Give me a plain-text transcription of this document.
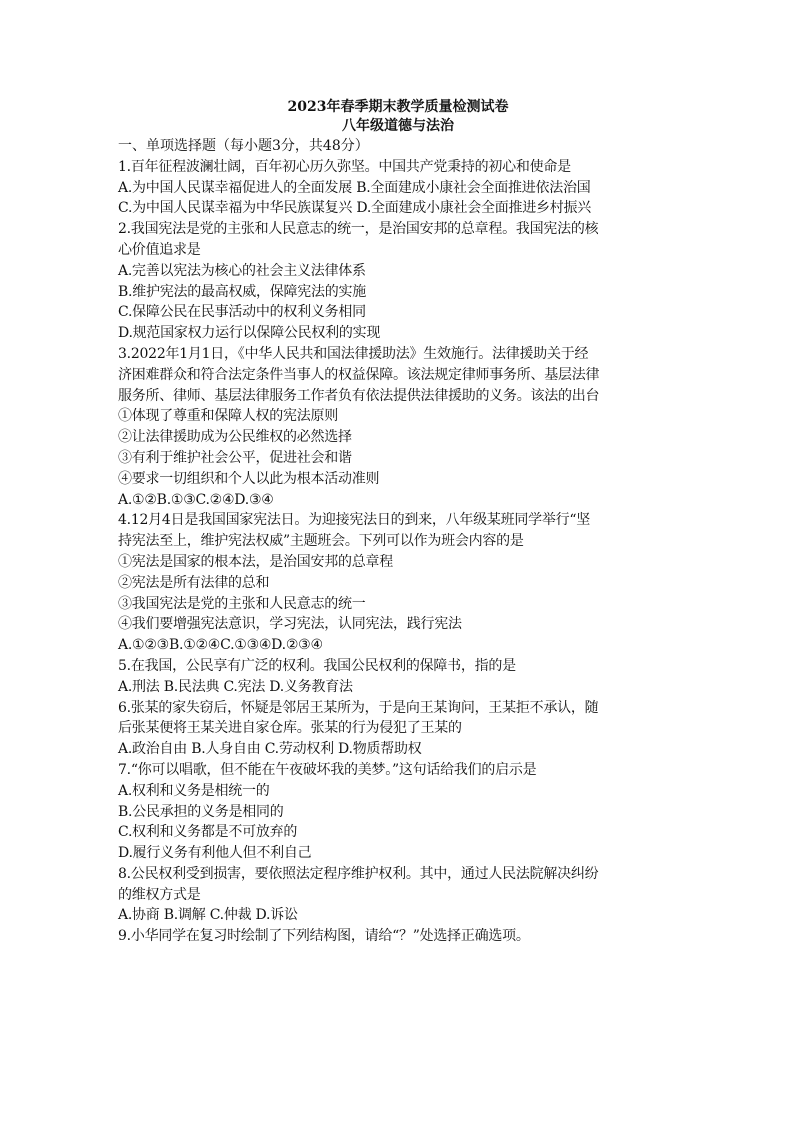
2023年春季期末教学质量检测试卷

八年级道德与法治

一、单项选择题（每小题3分，共48分）

1.百年征程波澜壮阔，百年初心历久弥坚。中国共产党秉持的初心和使命是

A.为中国人民谋幸福促进人的全面发展 B.全面建成小康社会全面推进依法治国

C.为中国人民谋幸福为中华民族谋复兴 D.全面建成小康社会全面推进乡村振兴

2.我国宪法是党的主张和人民意志的统一，是治国安邦的总章程。我国宪法的核

心价值追求是

A.完善以宪法为核心的社会主义法律体系

B.维护宪法的最高权威，保障宪法的实施

C.保障公民在民事活动中的权利义务相同

D.规范国家权力运行以保障公民权利的实现

3.2022年1月1日，《中华人民共和国法律援助法》生效施行。法律援助关于经

济困难群众和符合法定条件当事人的权益保障。该法规定律师事务所、基层法律

服务所、律师、基层法律服务工作者负有依法提供法律援助的义务。该法的出台

①体现了尊重和保障人权的宪法原则

②让法律援助成为公民维权的必然选择

③有利于维护社会公平，促进社会和谐

④要求一切组织和个人以此为根本活动准则

A.①②B.①③C.②④D.③④

4.12月4日是我国国家宪法日。为迎接宪法日的到来，八年级某班同学举行“坚

持宪法至上，维护宪法权威”主题班会。下列可以作为班会内容的是

①宪法是国家的根本法，是治国安邦的总章程

②宪法是所有法律的总和

③我国宪法是党的主张和人民意志的统一

④我们要增强宪法意识，学习宪法，认同宪法，践行宪法

A.①②③B.①②④C.①③④D.②③④

5.在我国，公民享有广泛的权利。我国公民权利的保障书，指的是

A.刑法 B.民法典 C.宪法 D.义务教育法

6.张某的家失窃后，怀疑是邻居王某所为，于是向王某询问，王某拒不承认，随

后张某便将王某关进自家仓库。张某的行为侵犯了王某的

A.政治自由 B.人身自由 C.劳动权利 D.物质帮助权

7.“你可以唱歌，但不能在午夜破坏我的美梦。”这句话给我们的启示是

A.权利和义务是相统一的

B.公民承担的义务是相同的

C.权利和义务都是不可放弃的

D.履行义务有利他人但不利自己

8.公民权利受到损害，要依照法定程序维护权利。其中，通过人民法院解决纠纷

的维权方式是

A.协商 B.调解 C.仲裁 D.诉讼

9.小华同学在复习时绘制了下列结构图，请给“？”处选择正确选项。
